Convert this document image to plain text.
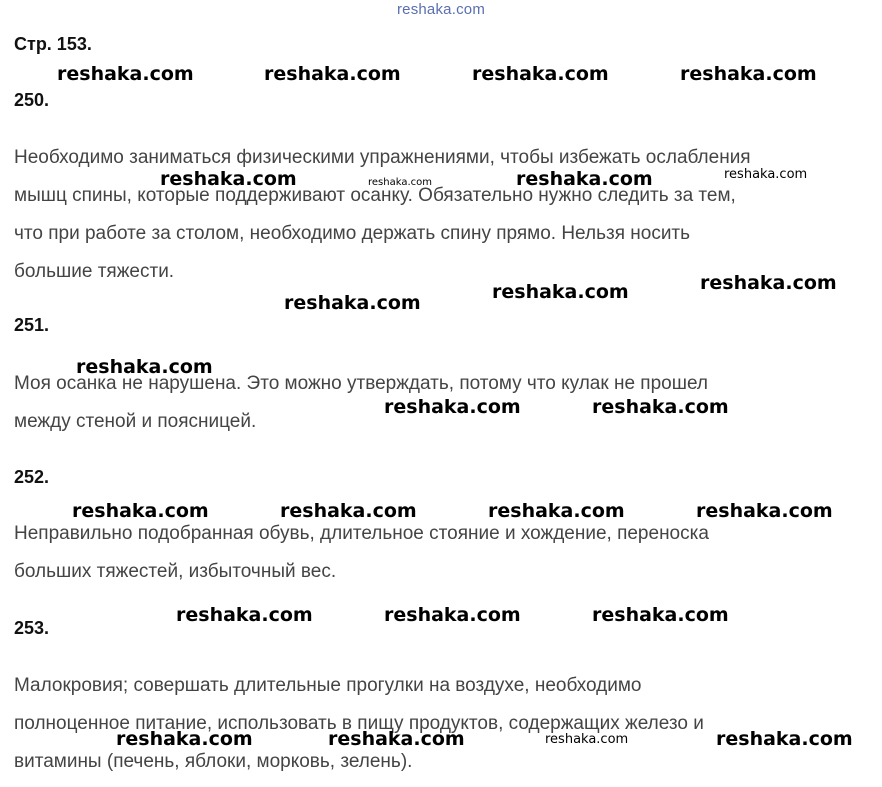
reshaka.com
Стр. 153.
250.
Необходимо заниматься физическими упражнениями, чтобы избежать ослабления
мышц спины, которые поддерживают осанку. Обязательно нужно следить за тем,
что при работе за столом, необходимо держать спину прямо. Нельзя носить
большие тяжести.
251.
Моя осанка не нарушена. Это можно утверждать, потому что кулак не прошел
между стеной и поясницей.
252.
Неправильно подобранная обувь, длительное стояние и хождение, переноска
больших тяжестей, избыточный вес.
253.
Малокровия; совершать длительные прогулки на воздухе, необходимо
полноценное питание, использовать в пищу продуктов, содержащих железо и
витамины (печень, яблоки, морковь, зелень).
reshaka.com	reshaka.com	reshaka.com	reshaka.com
reshaka.com	reshaka.com	reshaka.com	reshaka.com
reshaka.com	reshaka.com	reshaka.com
reshaka.com
reshaka.com	reshaka.com
reshaka.com	reshaka.com	reshaka.com	reshaka.com
reshaka.com	reshaka.com	reshaka.com
reshaka.com	reshaka.com	reshaka.com	reshaka.com
